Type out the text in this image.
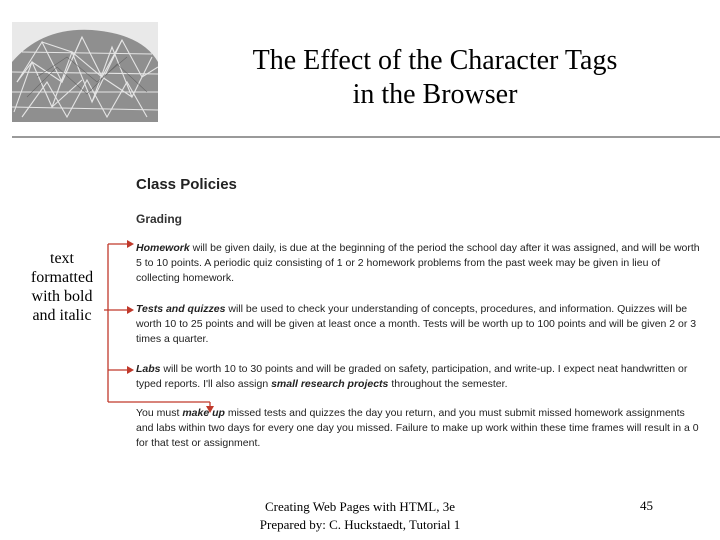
The Effect of the Character Tags
in the Browser
text
formatted
with bold
and italic
Class Policies
Grading
Homework will be given daily, is due at the beginning of the period the school day after it was assigned, and will be worth 5 to 10 points. A periodic quiz consisting of 1 or 2 homework problems from the past week may be given in lieu of collecting homework.
Tests and quizzes will be used to check your understanding of concepts, procedures, and information. Quizzes will be worth 10 to 25 points and will be given at least once a month. Tests will be worth up to 100 points and will be given 2 or 3 times a quarter.
Labs will be worth 10 to 30 points and will be graded on safety, participation, and write-up. I expect neat handwritten or typed reports. I'll also assign small research projects throughout the semester.
You must make up missed tests and quizzes the day you return, and you must submit missed homework assignments and labs within two days for every one day you missed. Failure to make up work within these time frames will result in a 0 for that test or assignment.
Creating Web Pages with HTML, 3e
Prepared by: C. Huckstaedt, Tutorial 1
45
